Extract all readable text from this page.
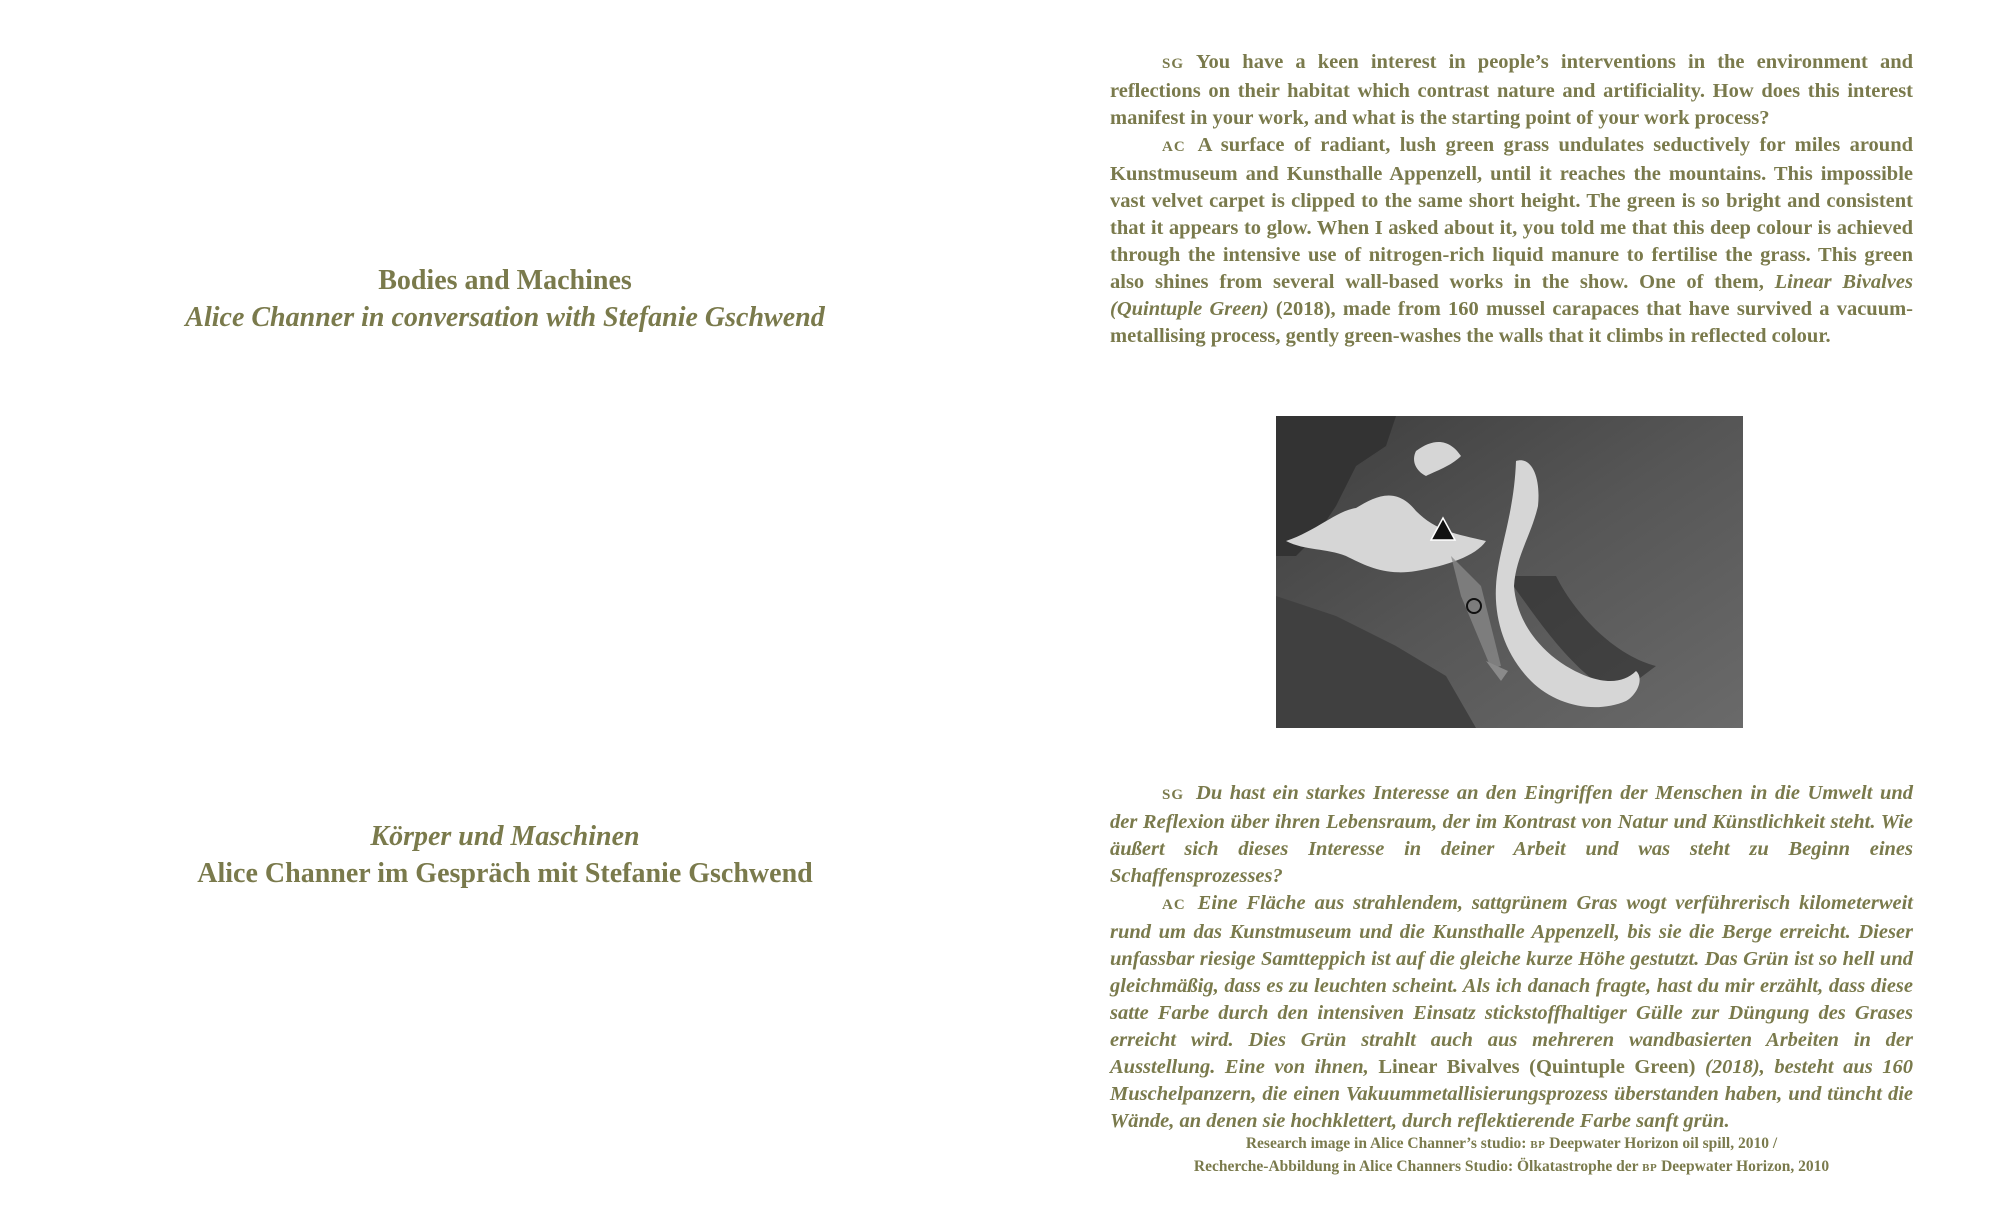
Bodies and Machines
Alice Channer in conversation with Stefanie Gschwend
Körper und Maschinen
Alice Channer im Gespräch mit Stefanie Gschwend

SG You have a keen interest in people’s interventions in the environment and reflections on their habitat which contrast nature and artificiality. How does this interest manifest in your work, and what is the starting point of your work process?

AC A surface of radiant, lush green grass undulates seductively for miles around Kunstmuseum and Kunsthalle Appenzell, until it reaches the mountains. This impossible vast velvet carpet is clipped to the same short height. The green is so bright and consistent that it appears to glow. When I asked about it, you told me that this deep colour is achieved through the intensive use of nitrogen-rich liquid manure to fertilise the grass. This green also shines from several wall-based works in the show. One of them, Linear Bivalves (Quintuple Green) (2018), made from 160 mussel carapaces that have survived a vacuum-metallising process, gently green-washes the walls that it climbs in reflected colour.

SG Du hast ein starkes Interesse an den Eingriffen der Menschen in die Umwelt und der Reflexion über ihren Lebensraum, der im Kontrast von Natur und Künstlichkeit steht. Wie äußert sich dieses Interesse in deiner Arbeit und was steht zu Beginn eines Schaffensprozesses?

AC Eine Fläche aus strahlendem, sattgrünem Gras wogt verführerisch kilometerweit rund um das Kunstmuseum und die Kunsthalle Appenzell, bis sie die Berge erreicht. Dieser unfassbar riesige Samtteppich ist auf die gleiche kurze Höhe gestutzt. Das Grün ist so hell und gleichmäßig, dass es zu leuchten scheint. Als ich danach fragte, hast du mir erzählt, dass diese satte Farbe durch den intensiven Einsatz stickstoffhaltiger Gülle zur Düngung des Grases erreicht wird. Dies Grün strahlt auch aus mehreren wandbasierten Arbeiten in der Ausstellung. Eine von ihnen, Linear Bivalves (Quintuple Green) (2018), besteht aus 160 Muschelpanzern, die einen Vakuummetallisierungsprozess überstanden haben, und tüncht die Wände, an denen sie hochklettert, durch reflektierende Farbe sanft grün.

Research image in Alice Channer’s studio: BP Deepwater Horizon oil spill, 2010 /
Recherche-Abbildung in Alice Channers Studio: Ölkatastrophe der BP Deepwater Horizon, 2010
